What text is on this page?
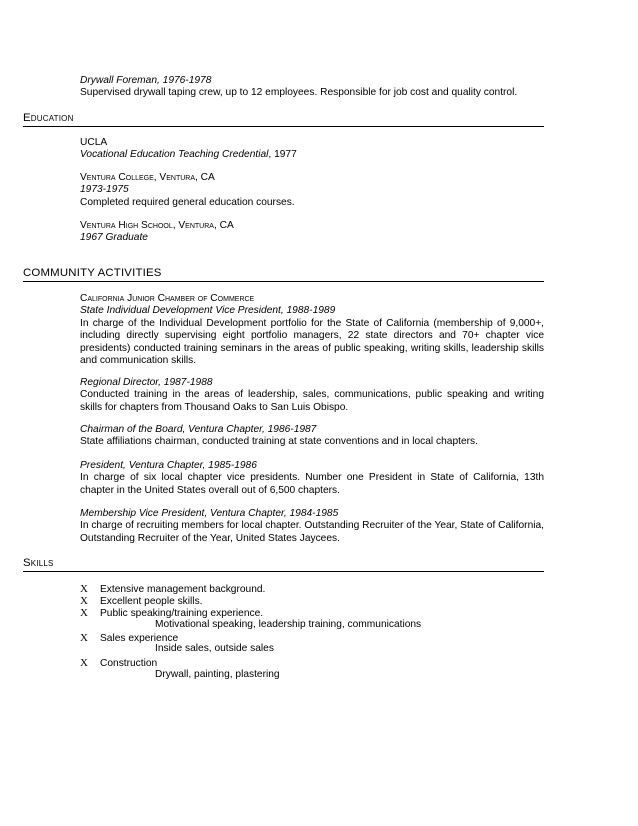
Drywall Foreman, 1976-1978
Supervised drywall taping crew, up to 12 employees. Responsible for job cost and quality control.
Education
UCLA
Vocational Education Teaching Credential, 1977
Ventura College, Ventura, CA
1973-1975
Completed required general education courses.
Ventura High School, Ventura, CA
1967 Graduate
COMMUNITY ACTIVITIES
California Junior Chamber of Commerce
State Individual Development Vice President, 1988-1989
In charge of the Individual Development portfolio for the State of California (membership of 9,000+, including directly supervising eight portfolio managers, 22 state directors and 70+ chapter vice presidents) conducted training seminars in the areas of public speaking, writing skills, leadership skills and communication skills.
Regional Director, 1987-1988
Conducted training in the areas of leadership, sales, communications, public speaking and writing skills for chapters from Thousand Oaks to San Luis Obispo.
Chairman of the Board, Ventura Chapter, 1986-1987
State affiliations chairman, conducted training at state conventions and in local chapters.
President, Ventura Chapter, 1985-1986
In charge of six local chapter vice presidents. Number one President in State of California, 13th chapter in the United States overall out of 6,500 chapters.
Membership Vice President, Ventura Chapter, 1984-1985
In charge of recruiting members for local chapter. Outstanding Recruiter of the Year, State of California, Outstanding Recruiter of the Year, United States Jaycees.
Skills
X Extensive management background.
X Excellent people skills.
X Public speaking/training experience.
Motivational speaking, leadership training, communications
X Sales experience
Inside sales, outside sales
X Construction
Drywall, painting, plastering
